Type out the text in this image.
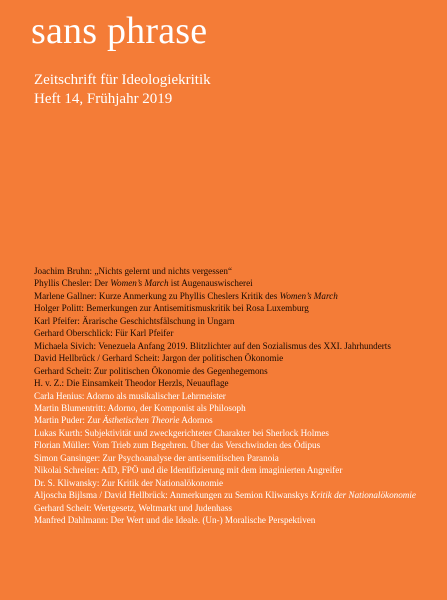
sans phrase
Zeitschrift für Ideologiekritik
Heft 14, Frühjahr 2019
Joachim Bruhn: „Nichts gelernt und nichts vergessen“
Phyllis Chesler: Der Women’s March ist Augenauswischerei
Marlene Gallner: Kurze Anmerkung zu Phyllis Cheslers Kritik des Women’s March
Holger Politt: Bemerkungen zur Antisemitismuskritik bei Rosa Luxemburg
Karl Pfeifer: Ärarische Geschichtsfälschung in Ungarn
Gerhard Oberschlick: Für Karl Pfeifer
Michaela Sivich: Venezuela Anfang 2019. Blitzlichter auf den Sozialismus des XXI. Jahrhunderts
David Hellbrück / Gerhard Scheit: Jargon der politischen Ökonomie
Gerhard Scheit: Zur politischen Ökonomie des Gegenhegemons
H. v. Z.: Die Einsamkeit Theodor Herzls, Neuauflage
Carla Henius: Adorno als musikalischer Lehrmeister
Martin Blumentritt: Adorno, der Komponist als Philosoph
Martin Puder: Zur Ästhetischen Theorie Adornos
Lukas Kurth: Subjektivität und zweckgerichteter Charakter bei Sherlock Holmes
Florian Müller: Vom Trieb zum Begehren. Über das Verschwinden des Ödipus
Simon Gansinger: Zur Psychoanalyse der antisemitischen Paranoia
Nikolai Schreiter: AfD, FPÖ und die Identifizierung mit dem imaginierten Angreifer
Dr. S. Kliwansky: Zur Kritik der Nationalökonomie
Aljoscha Bijlsma / David Hellbrück: Anmerkungen zu Semion Kliwanskys Kritik der Nationalökonomie
Gerhard Scheit: Wertgesetz, Weltmarkt und Judenhass
Manfred Dahlmann: Der Wert und die Ideale. (Un-) Moralische Perspektiven
